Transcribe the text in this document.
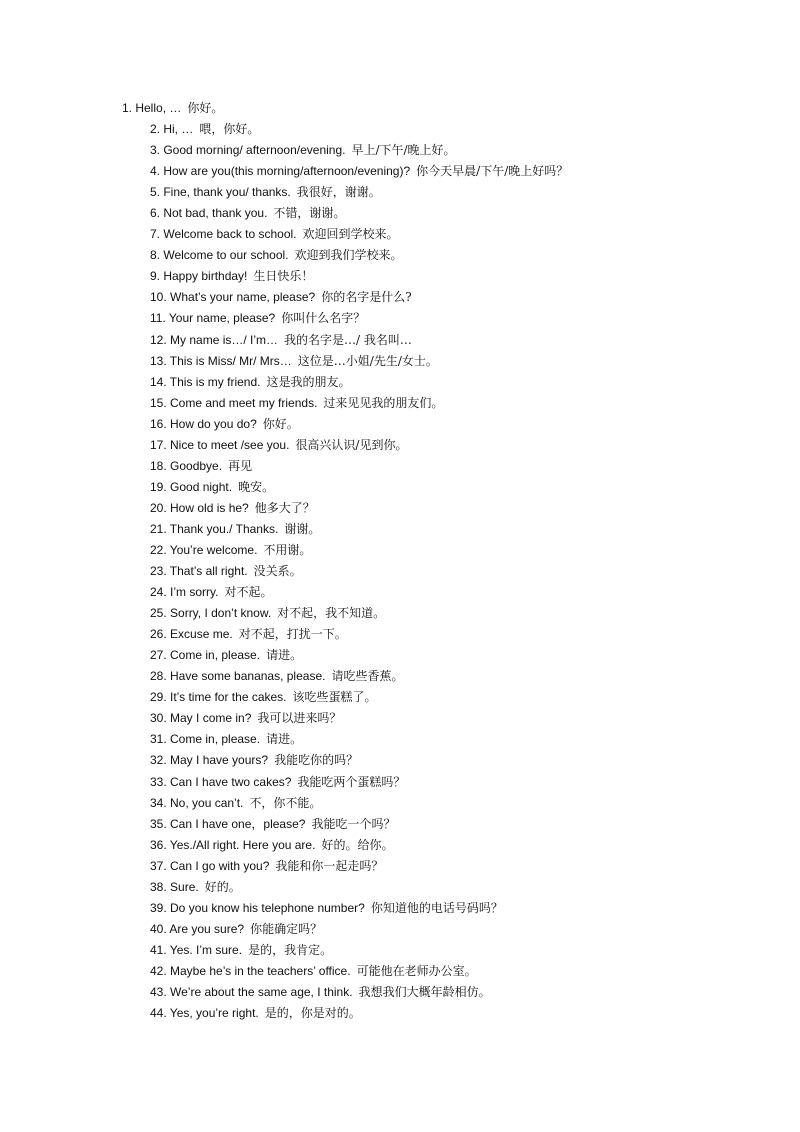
1. Hello, … 你好。
2. Hi, … 喂，你好。
3. Good morning/ afternoon/evening. 早上/下午/晚上好。
4. How are you(this morning/afternoon/evening)? 你今天早晨/下午/晚上好吗？
5. Fine, thank you/ thanks. 我很好，谢谢。
6. Not bad, thank you. 不错，谢谢。
7. Welcome back to school. 欢迎回到学校来。
8. Welcome to our school. 欢迎到我们学校来。
9. Happy birthday! 生日快乐！
10. What’s your name, please? 你的名字是什么?
11. Your name, please? 你叫什么名字？
12. My name is…/ I’m… 我的名字是…/ 我名叫…
13. This is Miss/ Mr/ Mrs… 这位是…小姐/先生/女士。
14. This is my friend. 这是我的朋友。
15. Come and meet my friends. 过来见见我的朋友们。
16. How do you do? 你好。
17. Nice to meet /see you. 很高兴认识/见到你。
18. Goodbye. 再见
19. Good night. 晚安。
20. How old is he? 他多大了？
21. Thank you./ Thanks. 谢谢。
22. You’re welcome. 不用谢。
23. That’s all right. 没关系。
24. I’m sorry. 对不起。
25. Sorry, I don’t know. 对不起，我不知道。
26. Excuse me. 对不起，打扰一下。
27. Come in, please. 请进。
28. Have some bananas, please. 请吃些香蕉。
29. It’s time for the cakes. 该吃些蛋糕了。
30. May I come in? 我可以进来吗？
31. Come in, please. 请进。
32. May I have yours? 我能吃你的吗？
33. Can I have two cakes? 我能吃两个蛋糕吗？
34. No, you can’t. 不，你不能。
35. Can I have one，please? 我能吃一个吗？
36. Yes./All right. Here you are. 好的。给你。
37. Can I go with you? 我能和你一起走吗？
38. Sure. 好的。
39. Do you know his telephone number? 你知道他的电话号码吗？
40. Are you sure? 你能确定吗？
41. Yes. I’m sure. 是的，我肯定。
42. Maybe he’s in the teachers’ office. 可能他在老师办公室。
43. We’re about the same age, I think. 我想我们大概年龄相仿。
44. Yes, you’re right. 是的，你是对的。
